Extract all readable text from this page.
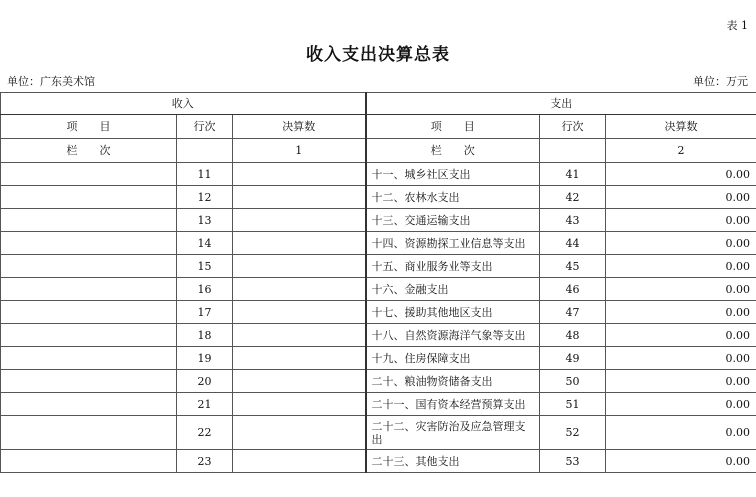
表 1
收入支出决算总表
单位：广东美术馆	单位：万元
收入			支出		
项　　目	行次	决算数	项　　目	行次	决算数
栏　　次		1	栏　　次		2
	11		十一、城乡社区支出	41	0.00
	12		十二、农林水支出	42	0.00
	13		十三、交通运输支出	43	0.00
	14		十四、资源勘探工业信息等支出	44	0.00
	15		十五、商业服务业等支出	45	0.00
	16		十六、金融支出	46	0.00
	17		十七、援助其他地区支出	47	0.00
	18		十八、自然资源海洋气象等支出	48	0.00
	19		十九、住房保障支出	49	0.00
	20		二十、粮油物资储备支出	50	0.00
	21		二十一、国有资本经营预算支出	51	0.00
	22		二十二、灾害防治及应急管理支出	52	0.00
	23		二十三、其他支出	53	0.00
